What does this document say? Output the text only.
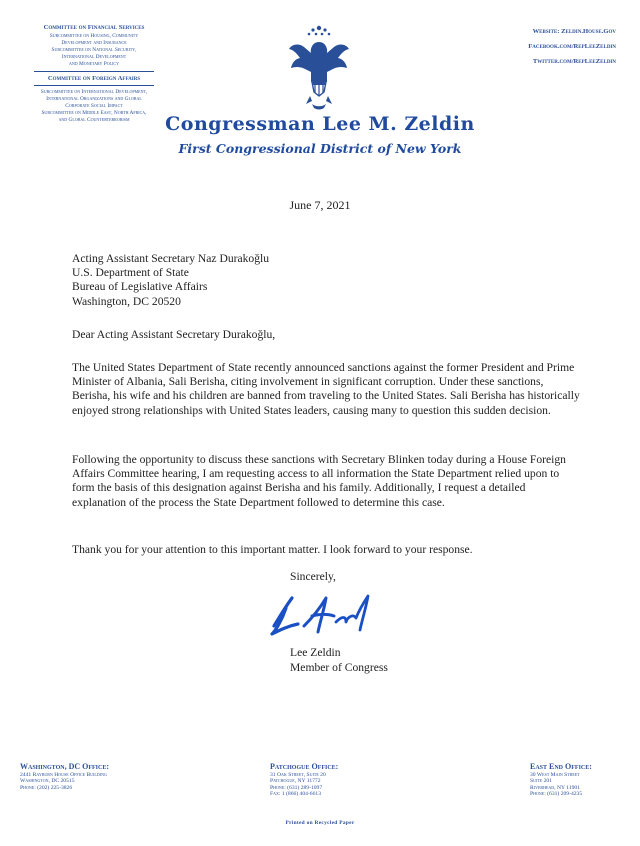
Committee on Financial Services
Subcommittee on Housing, Community
Development and Insurance
Subcommittee on National Security,
International Development
and Monetary Policy
Committee on Foreign Affairs
Subcommittee on International Development,
International Organizations and Global
Corporate Social Impact
Subcommittee on Middle East, North Africa,
and Global Counterterrorism
Website: Zeldin.House.Gov
Facebook.com/RepLeeZeldin
Twitter.com/RepLeeZeldin
Congressman Lee M. Zeldin
First Congressional District of New York
June 7, 2021
Acting Assistant Secretary Naz Durakoğlu
U.S. Department of State
Bureau of Legislative Affairs
Washington, DC 20520
Dear Acting Assistant Secretary Durakoğlu,
The United States Department of State recently announced sanctions against the former President and Prime Minister of Albania, Sali Berisha, citing involvement in significant corruption. Under these sanctions, Berisha, his wife and his children are banned from traveling to the United States. Sali Berisha has historically enjoyed strong relationships with United States leaders, causing many to question this sudden decision.
Following the opportunity to discuss these sanctions with Secretary Blinken today during a House Foreign Affairs Committee hearing, I am requesting access to all information the State Department relied upon to form the basis of this designation against Berisha and his family. Additionally, I request a detailed explanation of the process the State Department followed to determine this case.
Thank you for your attention to this important matter. I look forward to your response.
Sincerely,
Lee Zeldin
Member of Congress
Washington, DC Office:
2441 Rayburn House Office Building
Washington, DC 20515
Phone: (202) 225-3826
Patchogue Office:
31 Oak Street, Suite 20
Patchogue, NY 11772
Phone: (631) 289-1097
Fax: 1 (866) 404-6613
East End Office:
30 West Main Street
Suite 201
Riverhead, NY 11901
Phone: (631) 209-4235
Printed on Recycled Paper
